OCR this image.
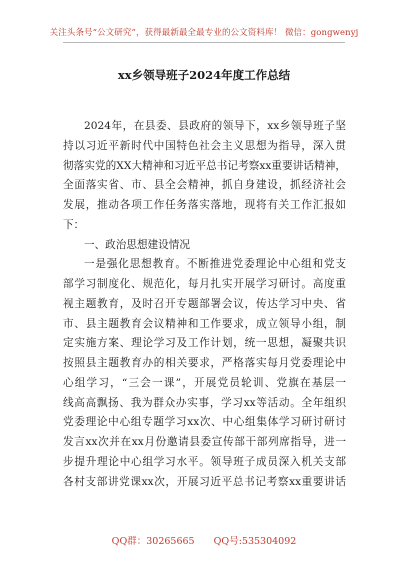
关注头条号“公文研究”，获得最新最全最专业的公文资料库！ 微信：gongwenyj
xx乡领导班子2024年度工作总结
2024年，在县委、县政府的领导下，xx乡领导班子坚
持以习近平新时代中国特色社会主义思想为指导，深入贯
彻落实党的XX大精神和习近平总书记考察xx重要讲话精神，
全面落实省、市、县全会精神，抓自身建设，抓经济社会
发展，推动各项工作任务落实落地，现将有关工作汇报如
下：
一、政治思想建设情况
一是强化思想教育。不断推进党委理论中心组和党支
部学习制度化、规范化，每月扎实开展学习研讨。高度重
视主题教育，及时召开专题部署会议，传达学习中央、省
市、县主题教育会议精神和工作要求，成立领导小组，制
定实施方案、理论学习及工作计划，统一思想，凝聚共识
按照县主题教育办的相关要求，严格落实每月党委理论中
心组学习，“三会一课”，开展党员轮训、党旗在基层一
线高高飘扬、我为群众办实事，学习xx等活动。全年组织
党委理论中心组专题学习xx次、中心组集体学习研讨研讨
发言xx次并在xx月份邀请县委宣传部干部列席指导，进一
步提升理论中心组学习水平。领导班子成员深入机关支部
各村支部讲党课xx次，开展习近平总书记考察xx重要讲话
QQ群：30265665 QQ号:535304092
